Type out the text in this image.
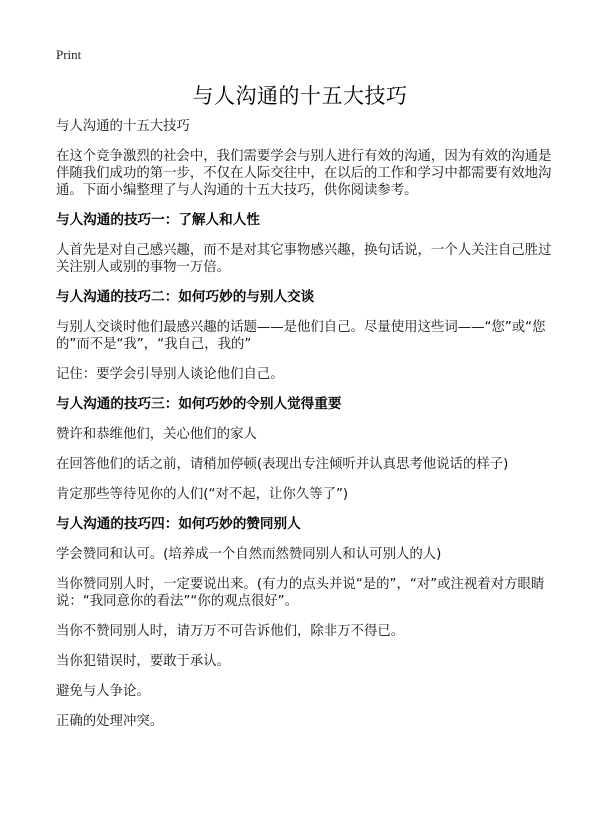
Print
与人沟通的十五大技巧

与人沟通的十五大技巧

在这个竞争激烈的社会中，我们需要学会与别人进行有效的沟通，因为有效的沟通是伴随我们成功的第一步，不仅在人际交往中，在以后的工作和学习中都需要有效地沟通。下面小编整理了与人沟通的十五大技巧，供你阅读参考。

与人沟通的技巧一：了解人和人性

人首先是对自己感兴趣，而不是对其它事物感兴趣，换句话说，一个人关注自己胜过关注别人或别的事物一万倍。

与人沟通的技巧二：如何巧妙的与别人交谈

与别人交谈时他们最感兴趣的话题——是他们自己。尽量使用这些词——“您”或“您的”而不是“我”，“我自己，我的”

记住：要学会引导别人谈论他们自己。

与人沟通的技巧三：如何巧妙的令别人觉得重要

赞许和恭维他们，关心他们的家人

在回答他们的话之前，请稍加停顿(表现出专注倾听并认真思考他说话的样子)

肯定那些等待见你的人们(“对不起，让你久等了”)

与人沟通的技巧四：如何巧妙的赞同别人

学会赞同和认可。(培养成一个自然而然赞同别人和认可别人的人)

当你赞同别人时，一定要说出来。(有力的点头并说“是的”，“对”或注视着对方眼睛说：“我同意你的看法”“你的观点很好”。

当你不赞同别人时，请万万不可告诉他们，除非万不得已。

当你犯错误时，要敢于承认。

避免与人争论。

正确的处理冲突。
